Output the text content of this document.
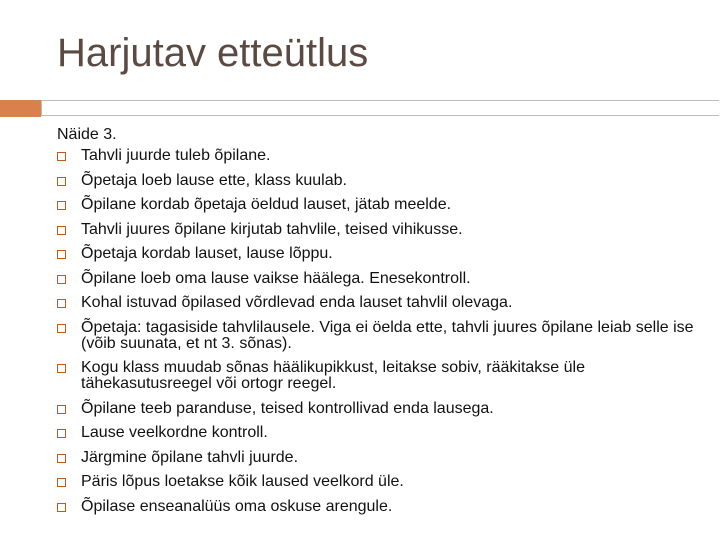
Harjutav etteütlus
Näide 3.
Tahvli juurde tuleb õpilane.
Õpetaja loeb lause ette, klass kuulab.
Õpilane kordab õpetaja öeldud lauset, jätab meelde.
Tahvli juures õpilane kirjutab tahvlile, teised vihikusse.
Õpetaja kordab lauset, lause lõppu.
Õpilane loeb oma lause vaikse häälega. Enesekontroll.
Kohal istuvad õpilased võrdlevad enda lauset tahvlil olevaga.
Õpetaja: tagasiside tahvlilausele. Viga ei öelda ette, tahvli juures õpilane leiab selle ise (võib suunata, et nt 3. sõnas).
Kogu klass muudab sõnas häälikupikkust, leitakse sobiv, rääkitakse üle tähekasutusreegel või ortogr reegel.
Õpilane teeb paranduse, teised kontrollivad enda lausega.
Lause veelkordne kontroll.
Järgmine õpilane tahvli juurde.
Päris lõpus loetakse kõik laused veelkord üle.
Õpilase enseanalüüs oma oskuse arengule.
